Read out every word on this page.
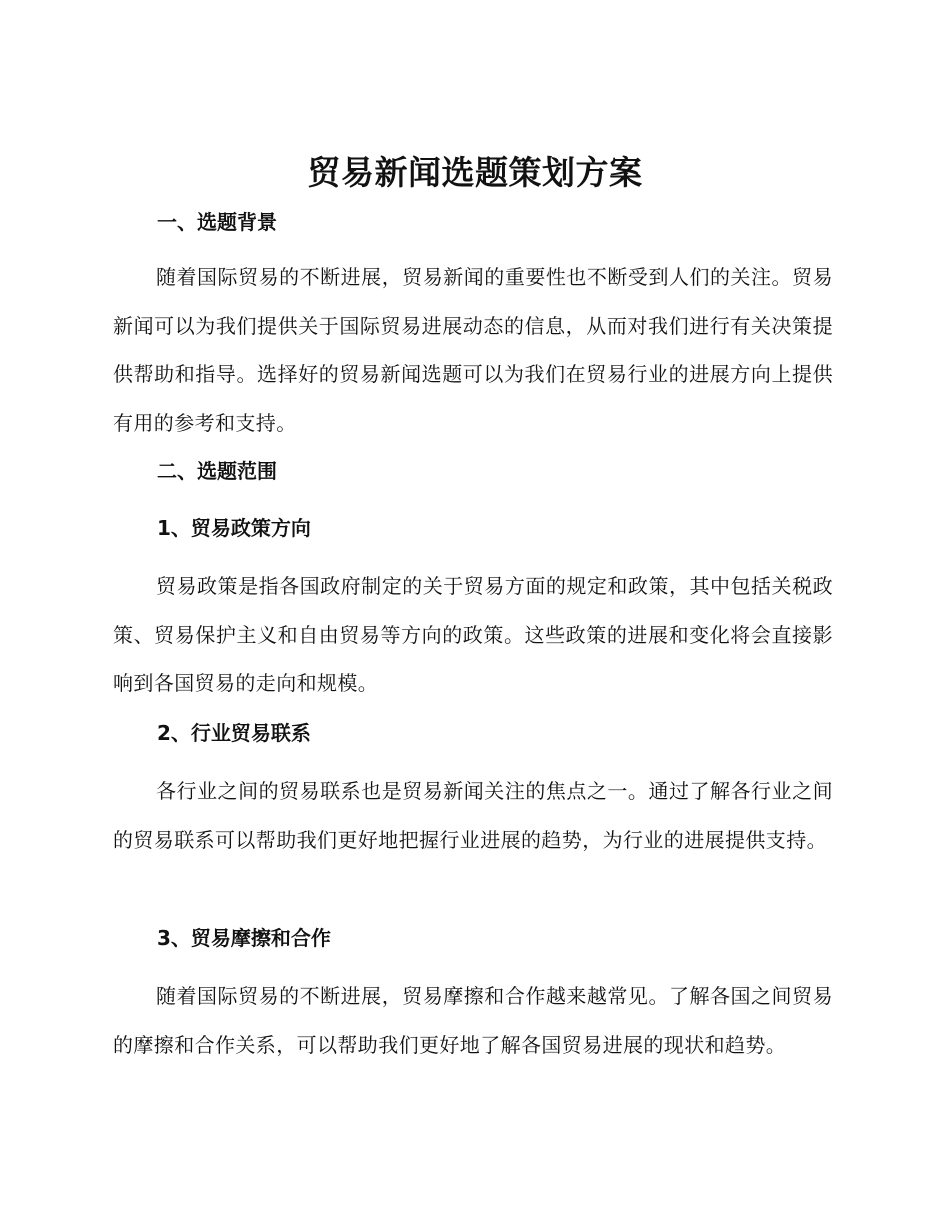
贸易新闻选题策划方案
一、选题背景
随着国际贸易的不断进展，贸易新闻的重要性也不断受到人们的关注。贸易新闻可以为我们提供关于国际贸易进展动态的信息，从而对我们进行有关决策提供帮助和指导。选择好的贸易新闻选题可以为我们在贸易行业的进展方向上提供有用的参考和支持。
二、选题范围
1、贸易政策方向
贸易政策是指各国政府制定的关于贸易方面的规定和政策，其中包括关税政策、贸易保护主义和自由贸易等方向的政策。这些政策的进展和变化将会直接影响到各国贸易的走向和规模。
2、行业贸易联系
各行业之间的贸易联系也是贸易新闻关注的焦点之一。通过了解各行业之间的贸易联系可以帮助我们更好地把握行业进展的趋势，为行业的进展提供支持。
3、贸易摩擦和合作
随着国际贸易的不断进展，贸易摩擦和合作越来越常见。了解各国之间贸易的摩擦和合作关系，可以帮助我们更好地了解各国贸易进展的现状和趋势。
